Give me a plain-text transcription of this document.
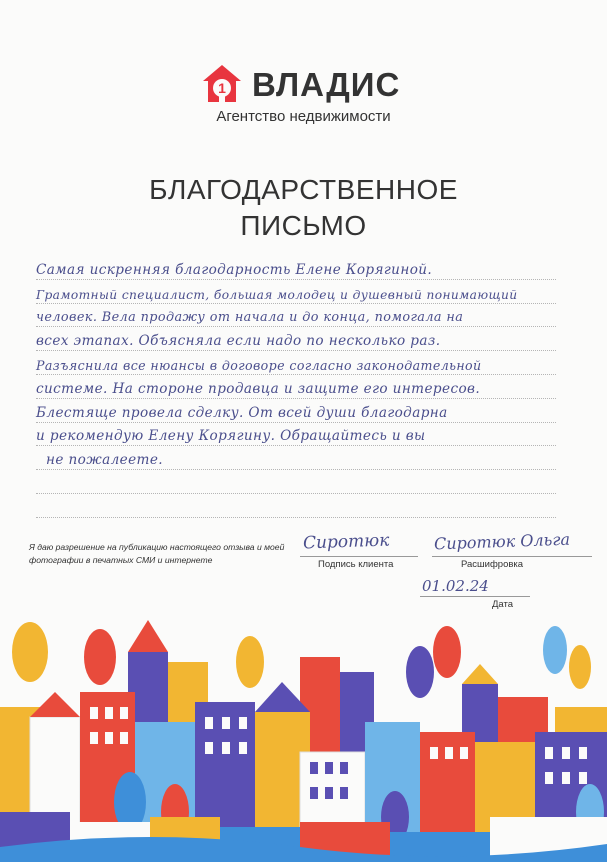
1 ВЛАДИС
Агентство недвижимости
БЛАГОДАРСТВЕННОЕ
ПИСЬМО
Самая искренняя благодарность Елене Корягиной.
Грамотный специалист, большая молодец и душевный понимающий
человек. Вела продажу от начала и до конца, помогала на
всех этапах. Объясняла если надо по несколько раз.
Разъяснила все нюансы в договоре согласно законодательной
системе. На стороне продавца и защите его интересов.
Блестяще провела сделку. От всей души благодарна
и рекомендую Елену Корягину. Обращайтесь и вы
не пожалеете.
Я даю разрешение на публикацию настоящего отзыва и моей фотографии в печатных СМИ и интернете
Сиротюк
Подпись клиента
Сиротюк Ольга
Расшифровка
01.02.24
Дата
